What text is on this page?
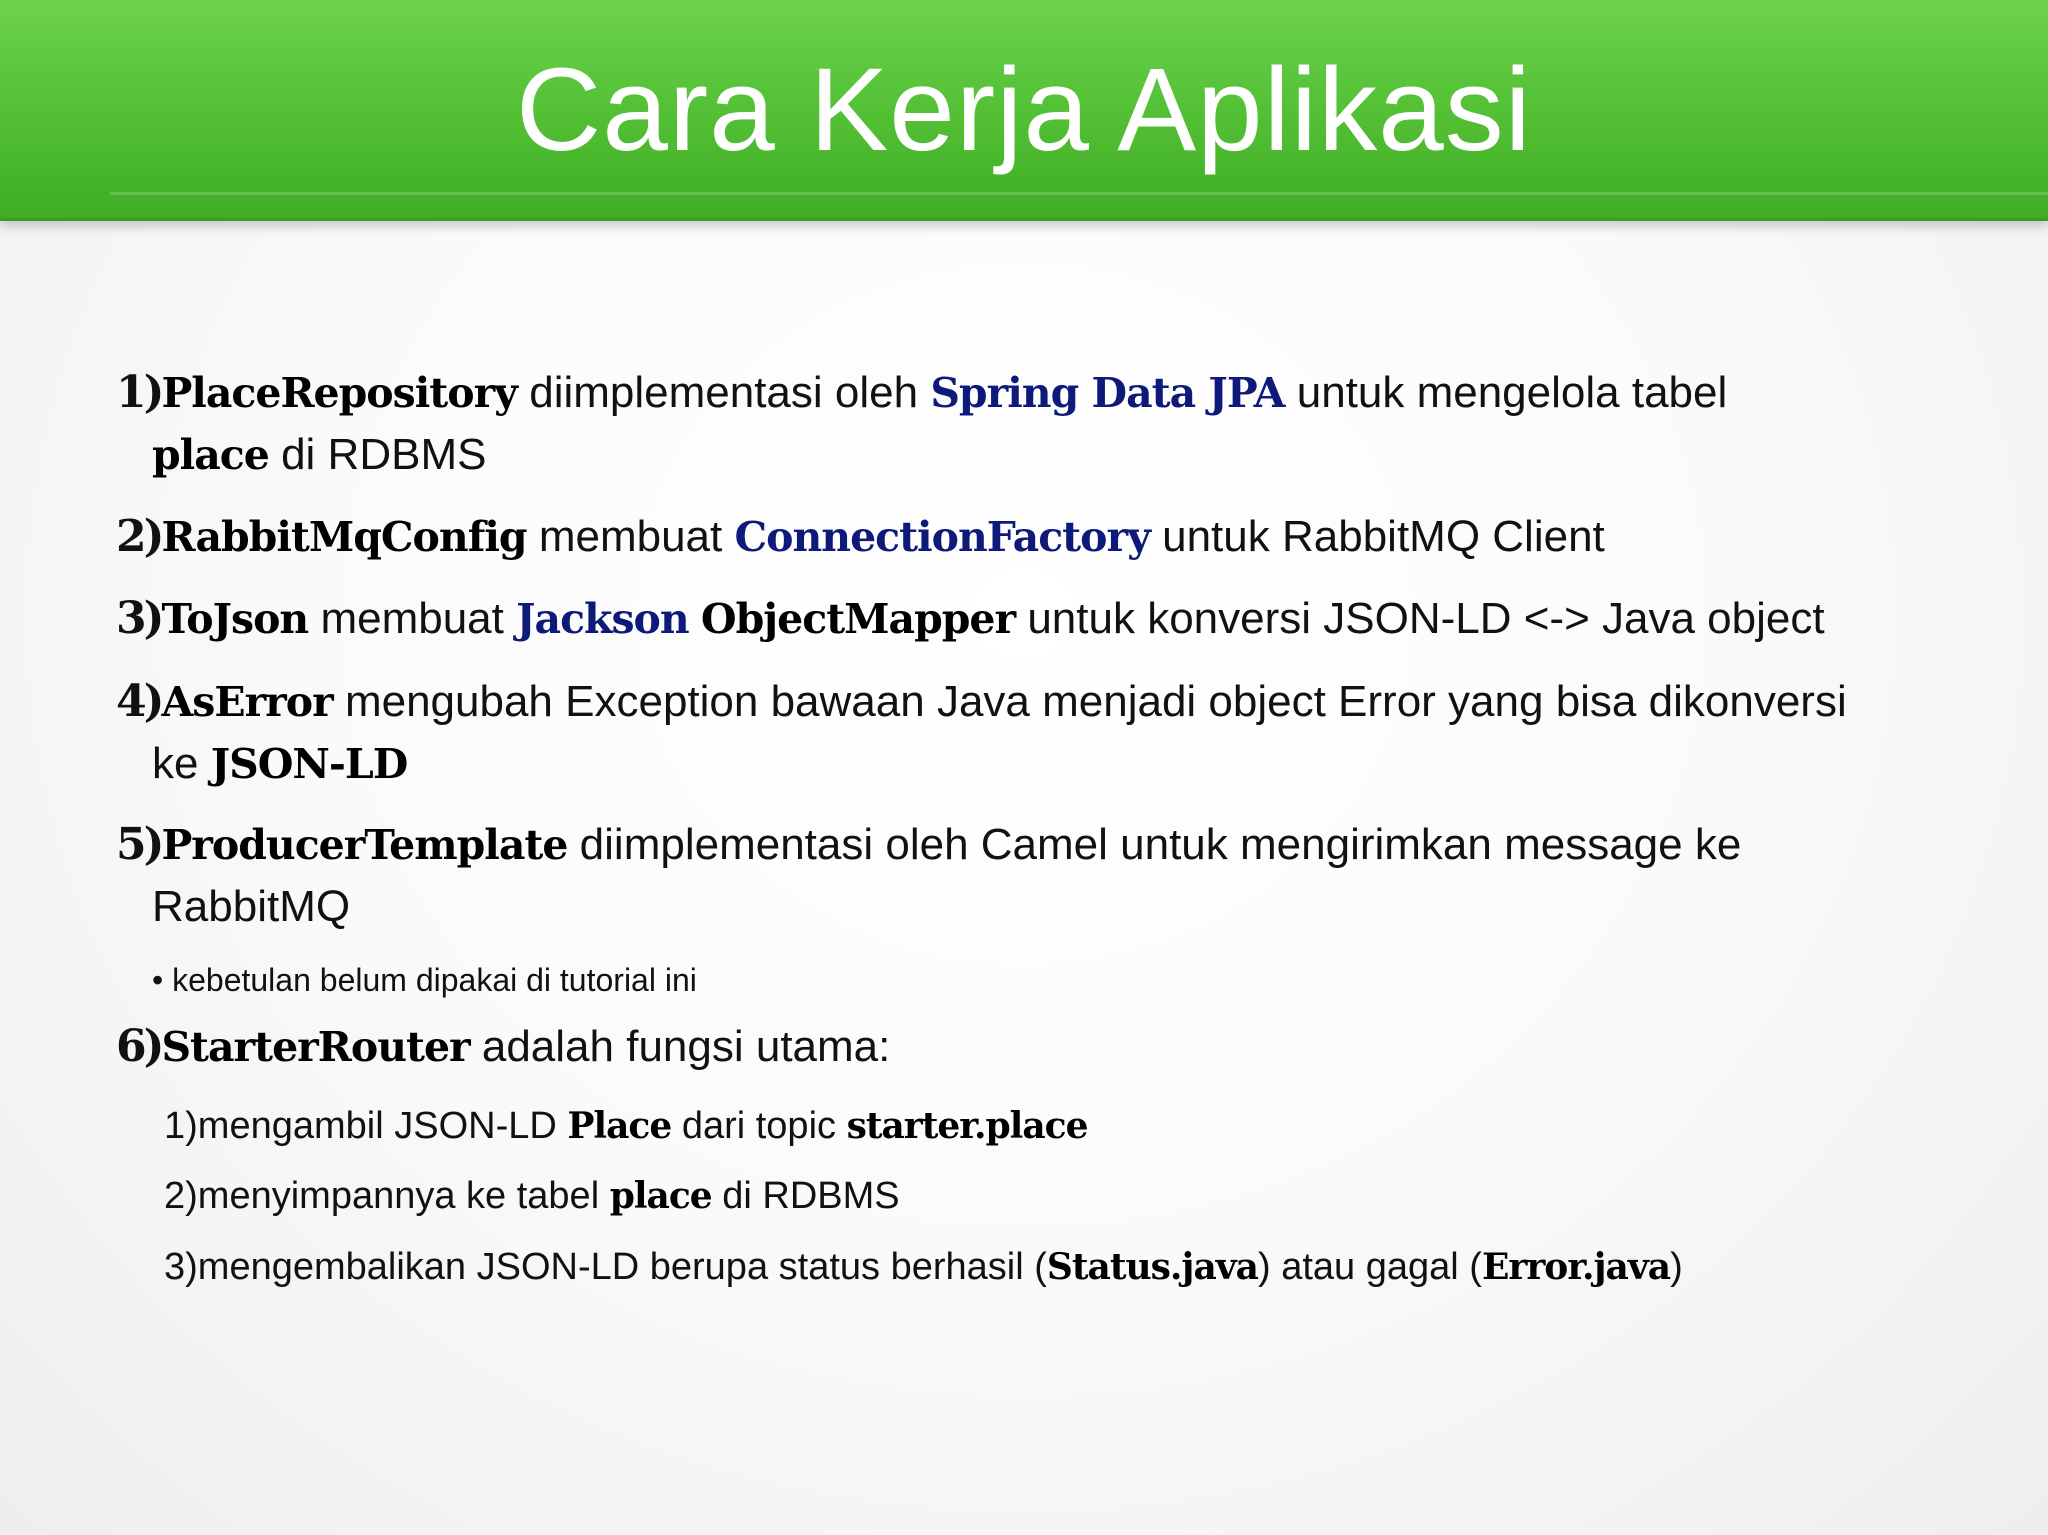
Cara Kerja Aplikasi
1)PlaceRepository diimplementasi oleh Spring Data JPA untuk mengelola tabel
place di RDBMS
2)RabbitMqConfig membuat ConnectionFactory untuk RabbitMQ Client
3)ToJson membuat Jackson ObjectMapper untuk konversi JSON-LD <-> Java object
4)AsError mengubah Exception bawaan Java menjadi object Error yang bisa dikonversi
ke JSON-LD
5)ProducerTemplate diimplementasi oleh Camel untuk mengirimkan message ke
RabbitMQ
• kebetulan belum dipakai di tutorial ini
6)StarterRouter adalah fungsi utama:
1)mengambil JSON-LD Place dari topic starter.place
2)menyimpannya ke tabel place di RDBMS
3)mengembalikan JSON-LD berupa status berhasil (Status.java) atau gagal (Error.java)
